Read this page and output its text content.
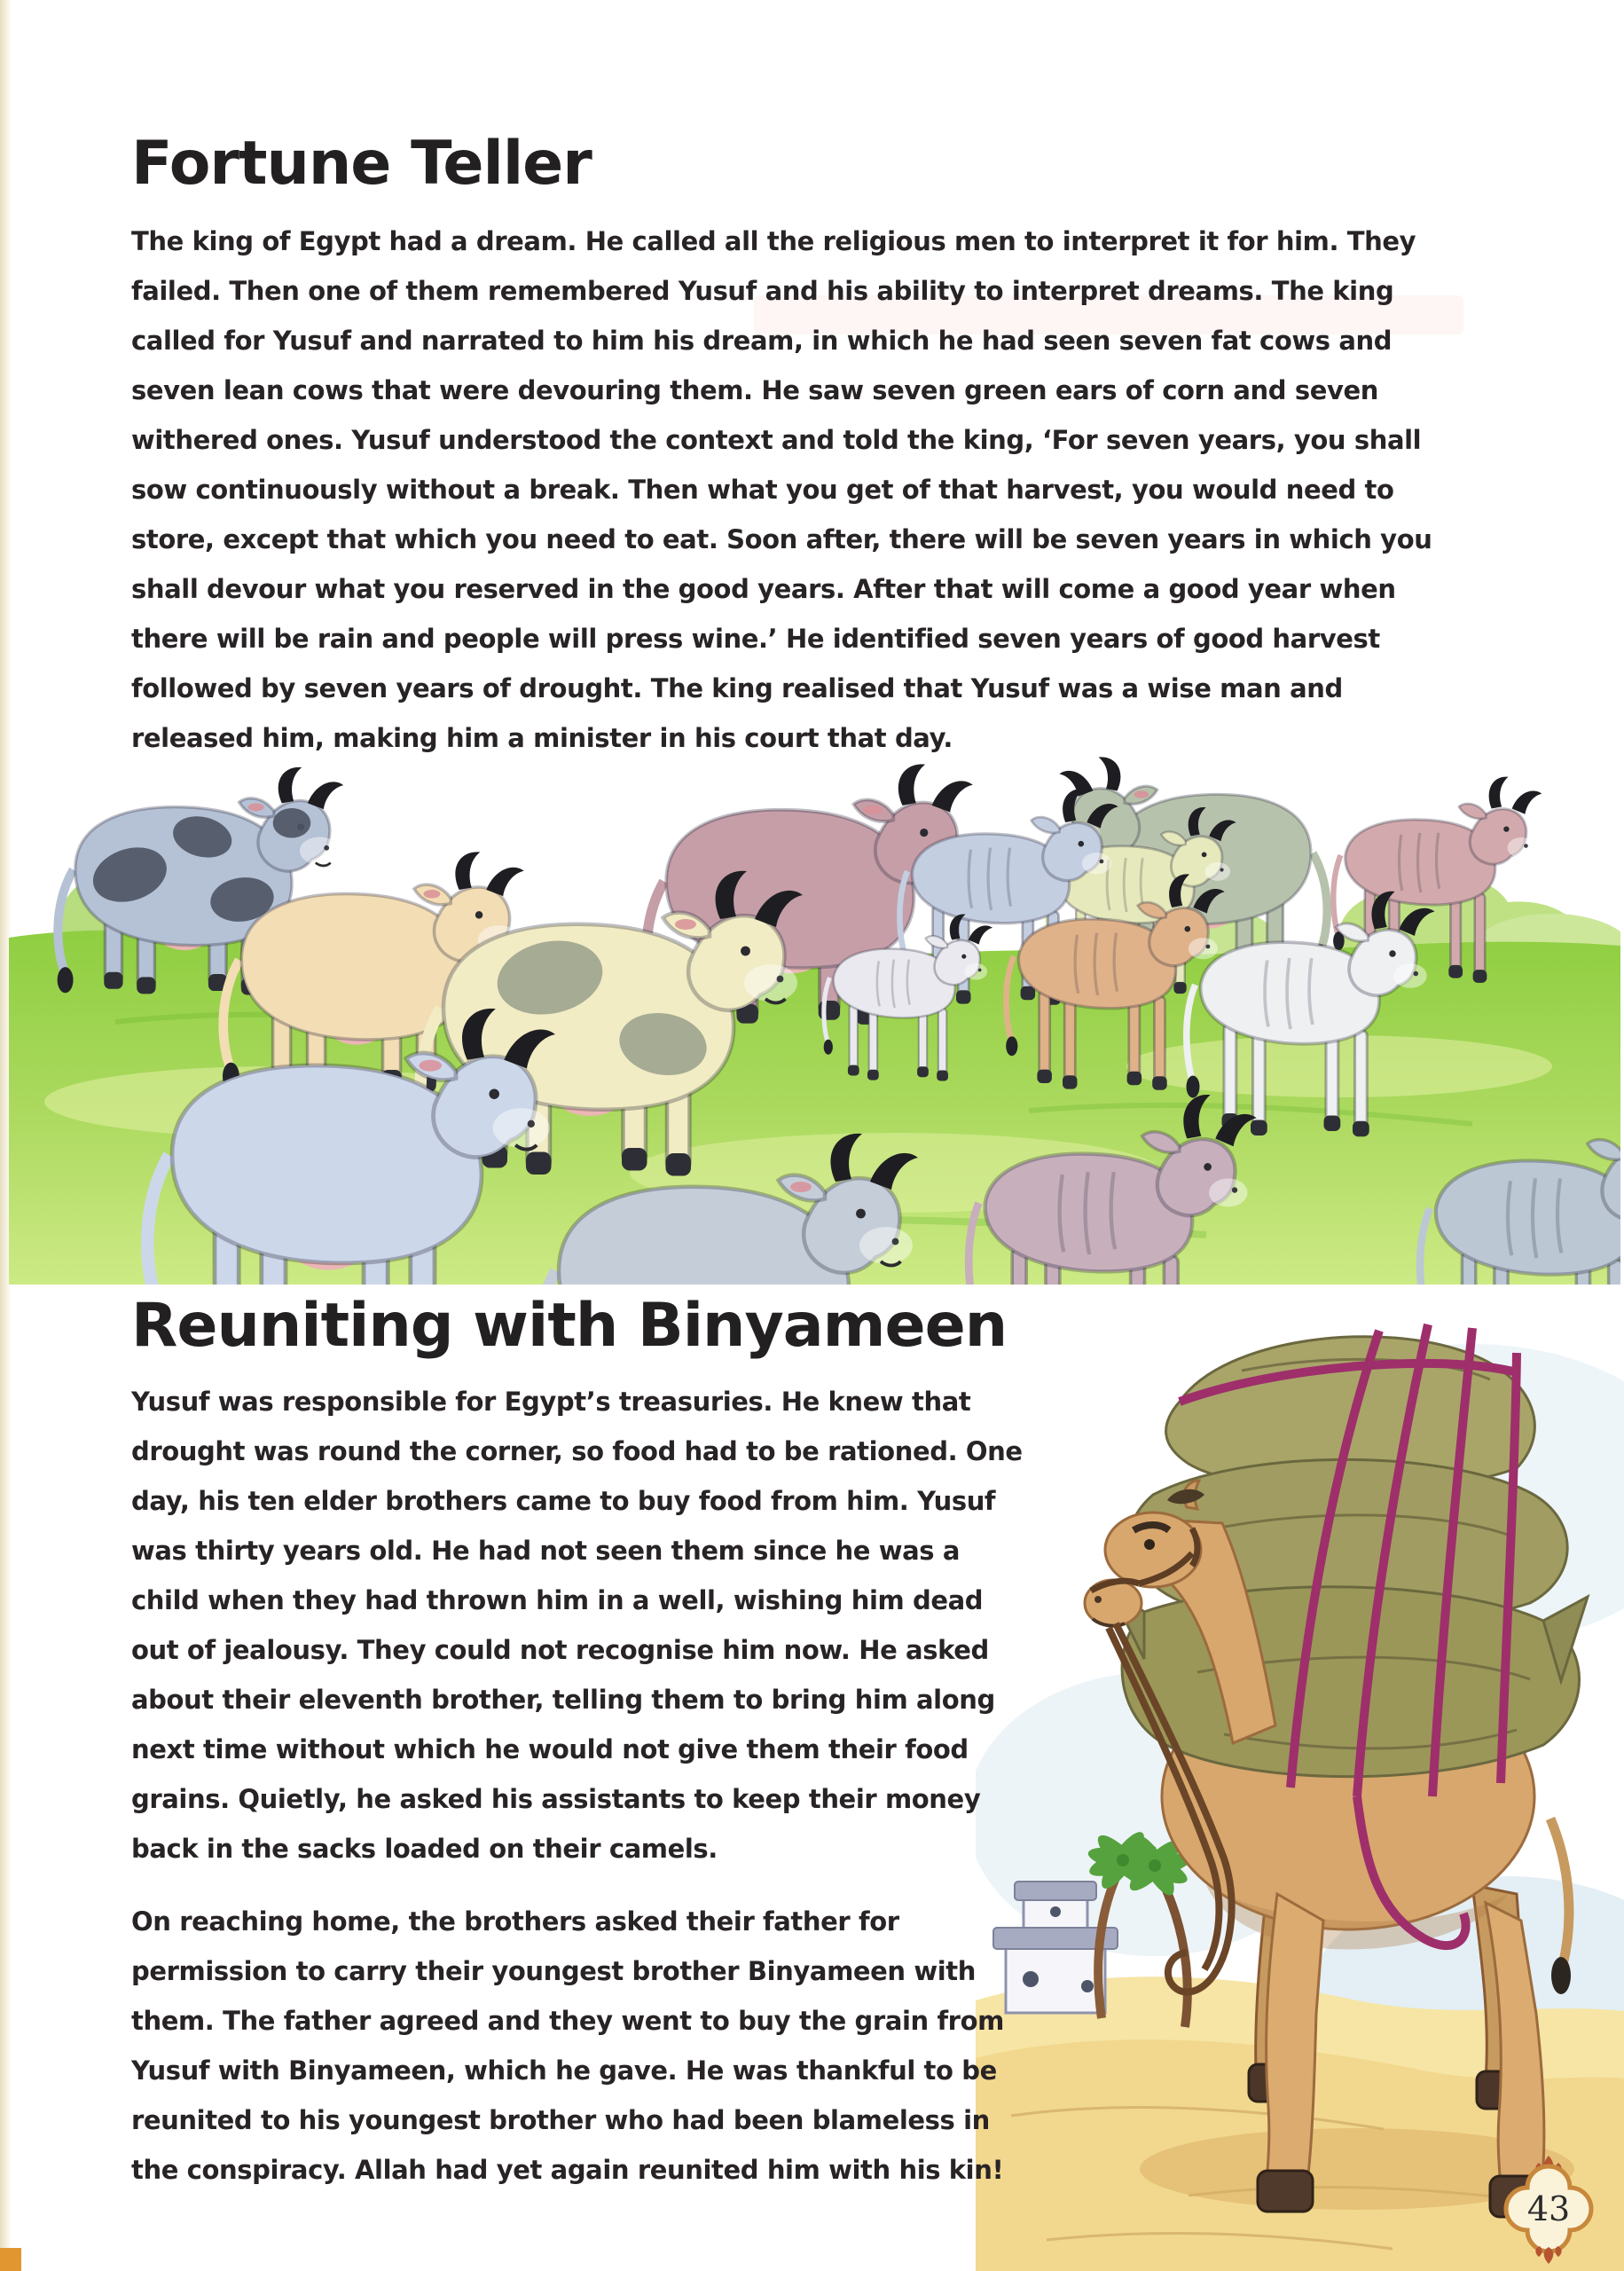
Fortune Teller

The king of Egypt had a dream. He called all the religious men to interpret it for him. They failed. Then one of them remembered Yusuf and his ability to interpret dreams. The king called for Yusuf and narrated to him his dream, in which he had seen seven fat cows and seven lean cows that were devouring them. He saw seven green ears of corn and seven withered ones. Yusuf understood the context and told the king, ‘For seven years, you shall sow continuously without a break. Then what you get of that harvest, you would need to store, except that which you need to eat. Soon after, there will be seven years in which you shall devour what you reserved in the good years. After that will come a good year when there will be rain and people will press wine.’ He identified seven years of good harvest followed by seven years of drought. The king realised that Yusuf was a wise man and released him, making him a minister in his court that day.

Reuniting with Binyameen

Yusuf was responsible for Egypt’s treasuries. He knew that drought was round the corner, so food had to be rationed. One day, his ten elder brothers came to buy food from him. Yusuf was thirty years old. He had not seen them since he was a child when they had thrown him in a well, wishing him dead out of jealousy. They could not recognise him now. He asked about their eleventh brother, telling them to bring him along next time without which he would not give them their food grains. Quietly, he asked his assistants to keep their money back in the sacks loaded on their camels.

On reaching home, the brothers asked their father for permission to carry their youngest brother Binyameen with them. The father agreed and they went to buy the grain from Yusuf with Binyameen, which he gave. He was thankful to be reunited to his youngest brother who had been blameless in the conspiracy. Allah had yet again reunited him with his kin!

43
